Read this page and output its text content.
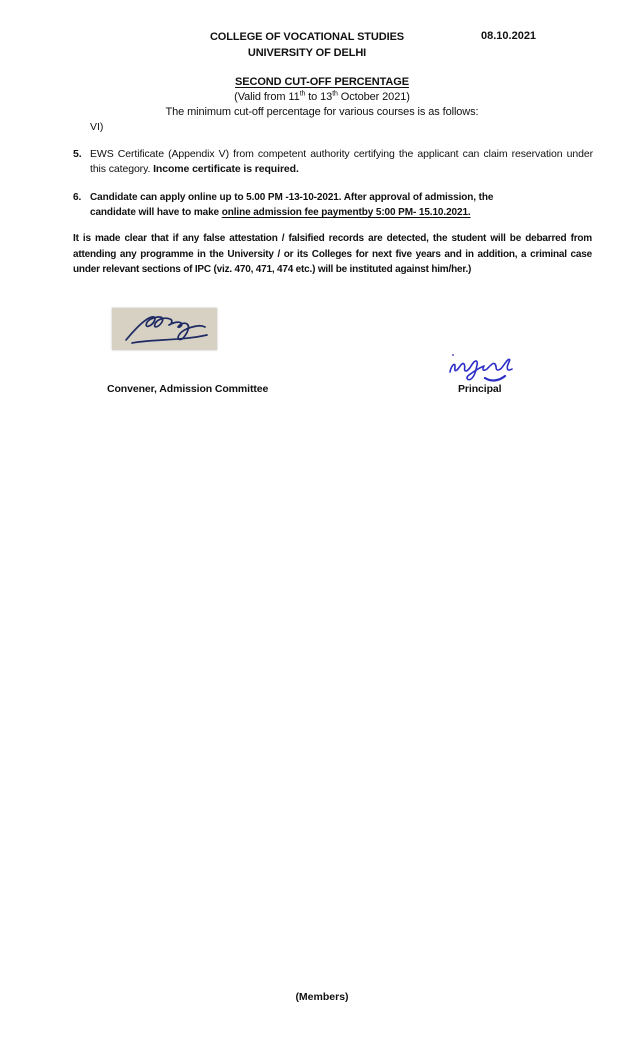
COLLEGE OF VOCATIONAL STUDIES
UNIVERSITY OF DELHI
08.10.2021
SECOND CUT-OFF PERCENTAGE
(Valid from 11th to 13th October 2021)
The minimum cut-off percentage for various courses is as follows:
VI)
5. EWS Certificate (Appendix V) from competent authority certifying the applicant can claim reservation under this category. Income certificate is required.
6. Candidate can apply online up to 5.00 PM -13-10-2021. After approval of admission, the
candidate will have to make online admission fee paymentby 5:00 PM- 15.10.2021.
It is made clear that if any false attestation / falsified records are detected, the student will be debarred from attending any programme in the University / or its Colleges for next five years and in addition, a criminal case under relevant sections of IPC (viz. 470, 471, 474 etc.) will be instituted against him/her.)
Convener, Admission Committee	Principal
(Members)
